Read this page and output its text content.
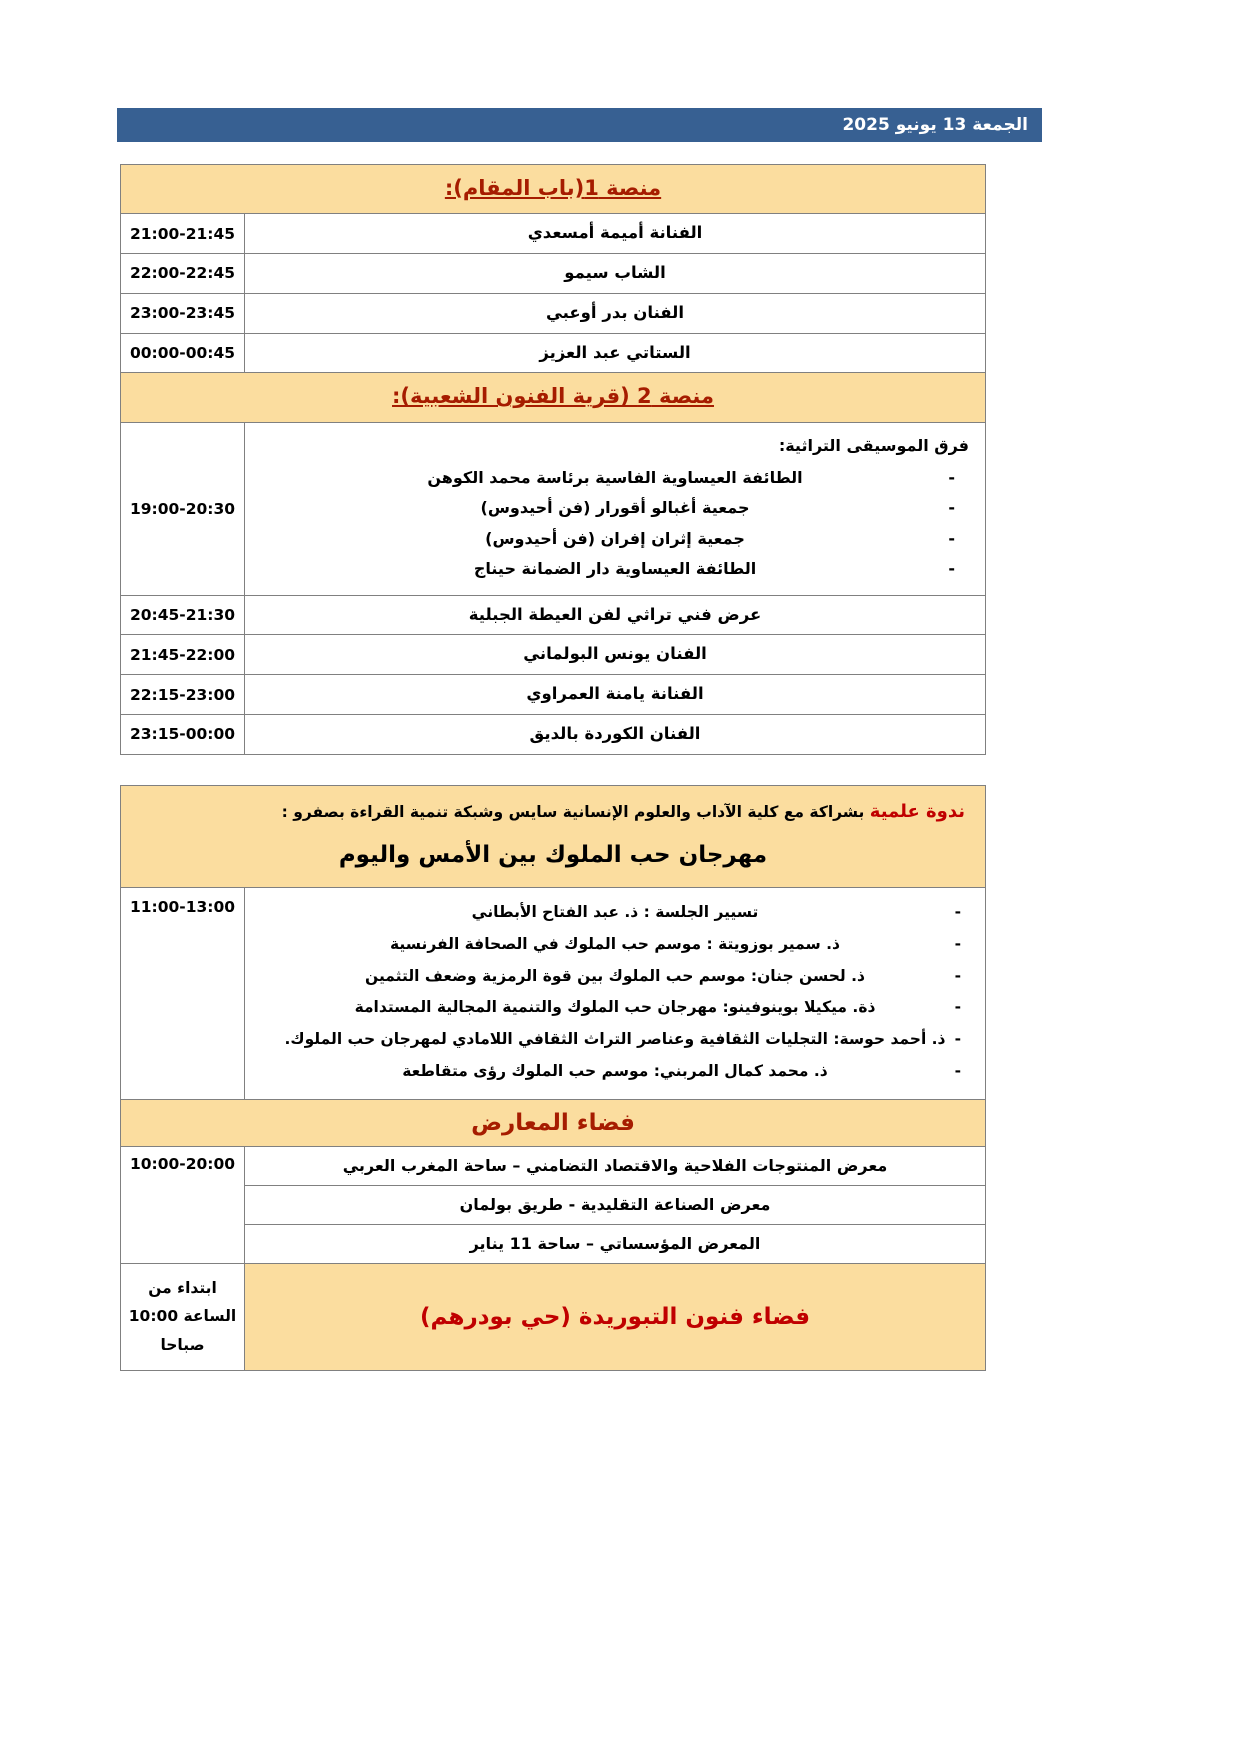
الجمعة 13 يونيو 2025
منصة 1(باب المقام):	
الفنانة أميمة أمسعدي	21:00-21:45
الشاب سيمو	22:00-22:45
الفنان بدر أوعبي	23:00-23:45
الستاتي عبد العزيز	00:00-00:45
منصة 2 (قرية الفنون الشعبية):	

فرق الموسيقى التراثية:
-
الطائفة العيساوية الفاسية برئاسة محمد الكوهن
-
جمعية أغبالو أقورار (فن أحيدوس)
-
جمعية إثران إفران (فن أحيدوس)
-
الطائفة العيساوية دار الضمانة حيناج
	19:00-20:30
عرض فني تراثي لفن العيطة الجبلية	20:45-21:30
الفنان يونس البولماني	21:45-22:00
الفنانة يامنة العمراوي	22:15-23:00
الفنان الكوردة بالديق	23:15-00:00
ندوة علمية بشراكة مع كلية الآداب والعلوم الإنسانية سايس وشبكة تنمية القراءة بصفرو :
مهرجان حب الملوك بين الأمس واليوم	

-
تسيير الجلسة : ذ. عبد الفتاح الأبطاني
-
ذ. سمير بوزويتة : موسم حب الملوك في الصحافة الفرنسية
-
ذ. لحسن جنان: موسم حب الملوك بين قوة الرمزية وضعف التثمين
-
ذة. ميكيلا بوينوفينو: مهرجان حب الملوك والتنمية المجالية المستدامة
-
ذ. أحمد حوسة: التجليات الثقافية وعناصر التراث الثقافي اللامادي لمهرجان حب الملوك.
-
ذ. محمد كمال المربني: موسم حب الملوك رؤى متقاطعة
	11:00-13:00
فضاء المعارض	
معرض المنتوجات الفلاحية والاقتصاد التضامني – ساحة المغرب العربي	10:00-20:00
معرض الصناعة التقليدية - طريق بولمان	
المعرض المؤسساتي – ساحة 11 يناير	
فضاء فنون التبوريدة (حي بودرهم)	ابتداء من
الساعة 10:00
صباحا
